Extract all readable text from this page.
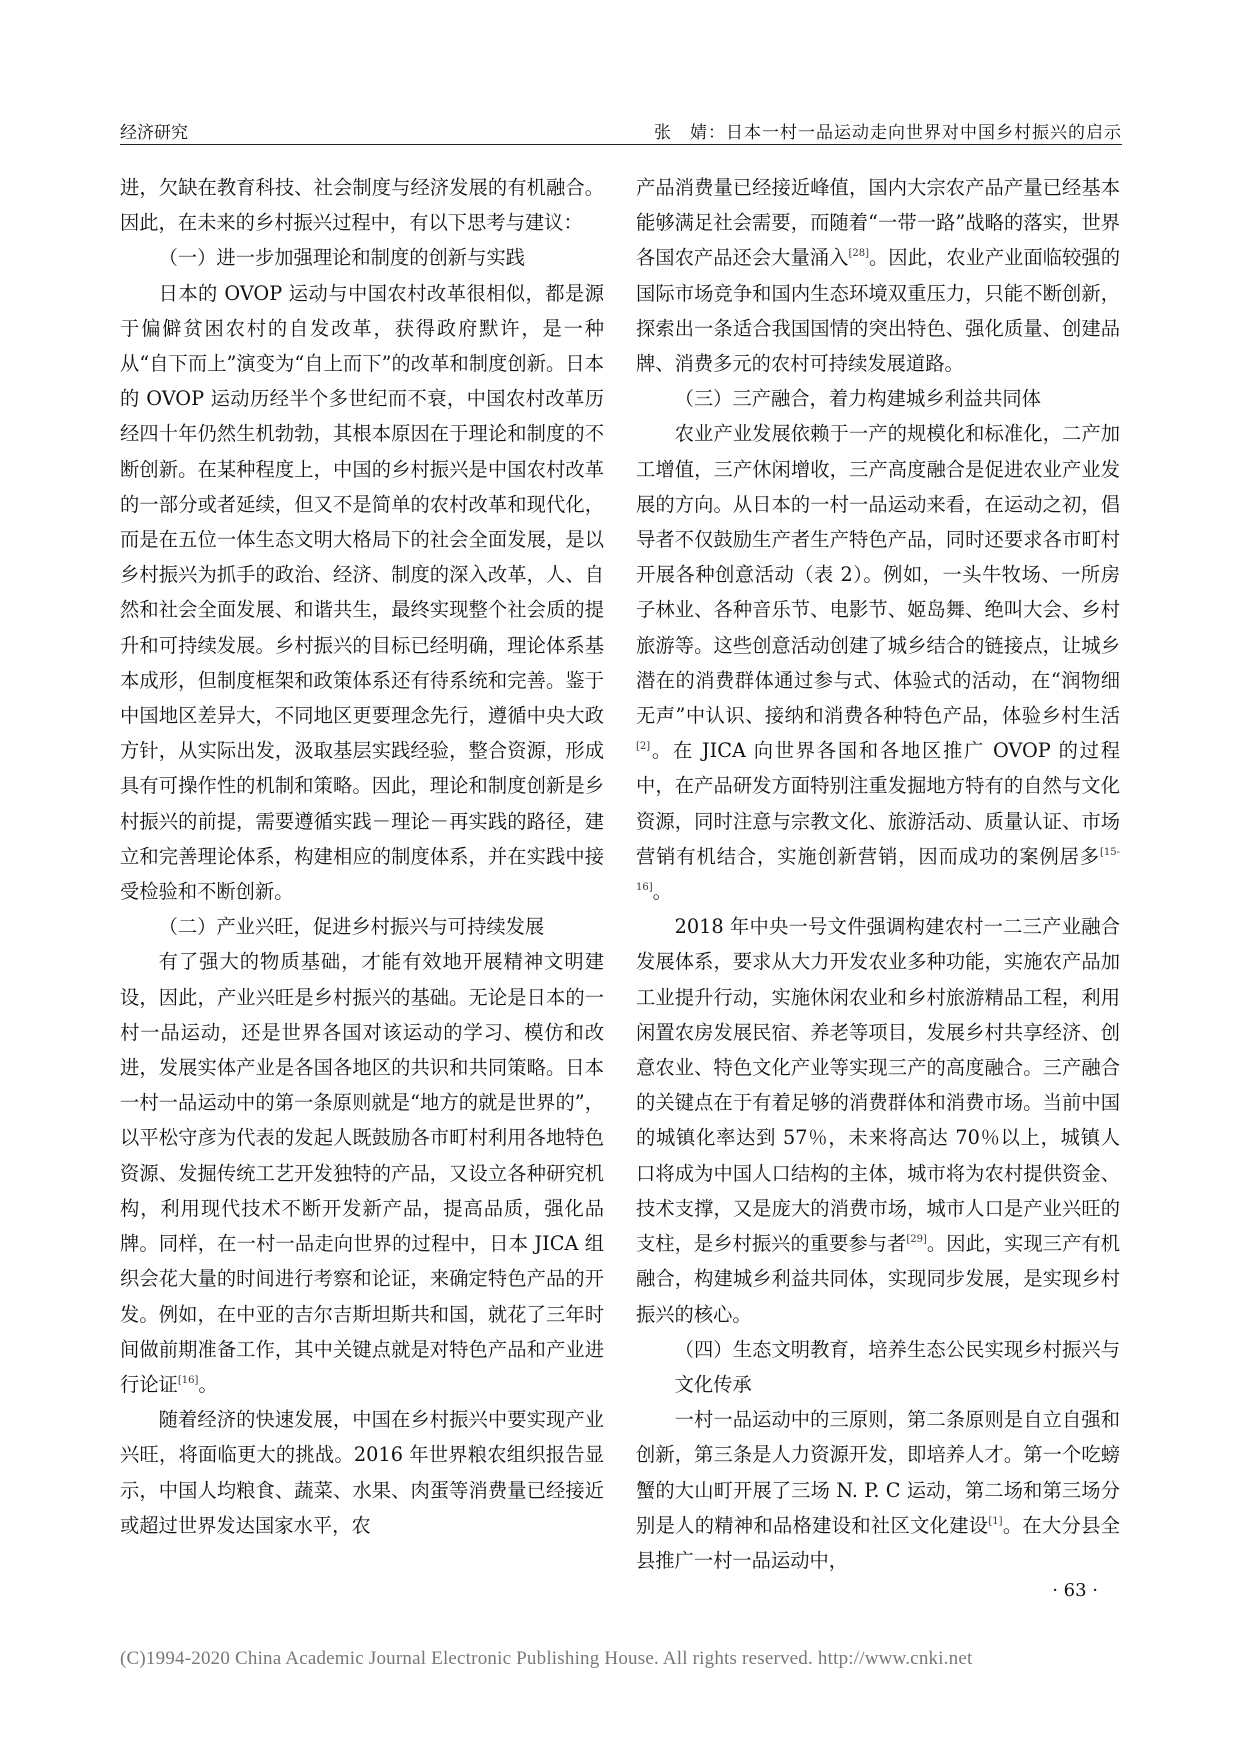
经济研究	张　婧：日本一村一品运动走向世界对中国乡村振兴的启示

进，欠缺在教育科技、社会制度与经济发展的有机融合。因此，在未来的乡村振兴过程中，有以下思考与建议：

（一）进一步加强理论和制度的创新与实践

日本的 OVOP 运动与中国农村改革很相似，都是源于偏僻贫困农村的自发改革，获得政府默许，是一种从“自下而上”演变为“自上而下”的改革和制度创新。日本的 OVOP 运动历经半个多世纪而不衰，中国农村改革历经四十年仍然生机勃勃，其根本原因在于理论和制度的不断创新。在某种程度上，中国的乡村振兴是中国农村改革的一部分或者延续，但又不是简单的农村改革和现代化，而是在五位一体生态文明大格局下的社会全面发展，是以乡村振兴为抓手的政治、经济、制度的深入改革，人、自然和社会全面发展、和谐共生，最终实现整个社会质的提升和可持续发展。乡村振兴的目标已经明确，理论体系基本成形，但制度框架和政策体系还有待系统和完善。鉴于中国地区差异大，不同地区更要理念先行，遵循中央大政方针，从实际出发，汲取基层实践经验，整合资源，形成具有可操作性的机制和策略。因此，理论和制度创新是乡村振兴的前提，需要遵循实践－理论－再实践的路径，建立和完善理论体系，构建相应的制度体系，并在实践中接受检验和不断创新。

（二）产业兴旺，促进乡村振兴与可持续发展

有了强大的物质基础，才能有效地开展精神文明建设，因此，产业兴旺是乡村振兴的基础。无论是日本的一村一品运动，还是世界各国对该运动的学习、模仿和改进，发展实体产业是各国各地区的共识和共同策略。日本一村一品运动中的第一条原则就是“地方的就是世界的”，以平松守彦为代表的发起人既鼓励各市町村利用各地特色资源、发掘传统工艺开发独特的产品，又设立各种研究机构，利用现代技术不断开发新产品，提高品质，强化品牌。同样，在一村一品走向世界的过程中，日本 JICA 组织会花大量的时间进行考察和论证，来确定特色产品的开发。例如，在中亚的吉尔吉斯坦斯共和国，就花了三年时间做前期准备工作，其中关键点就是对特色产品和产业进行论证[16]。

随着经济的快速发展，中国在乡村振兴中要实现产业兴旺，将面临更大的挑战。2016 年世界粮农组织报告显示，中国人均粮食、蔬菜、水果、肉蛋等消费量已经接近或超过世界发达国家水平，农

产品消费量已经接近峰值，国内大宗农产品产量已经基本能够满足社会需要，而随着“一带一路”战略的落实，世界各国农产品还会大量涌入[28]。因此，农业产业面临较强的国际市场竞争和国内生态环境双重压力，只能不断创新，探索出一条适合我国国情的突出特色、强化质量、创建品牌、消费多元的农村可持续发展道路。

（三）三产融合，着力构建城乡利益共同体

农业产业发展依赖于一产的规模化和标准化，二产加工增值，三产休闲增收，三产高度融合是促进农业产业发展的方向。从日本的一村一品运动来看，在运动之初，倡导者不仅鼓励生产者生产特色产品，同时还要求各市町村开展各种创意活动（表 2）。例如，一头牛牧场、一所房子林业、各种音乐节、电影节、姬岛舞、绝叫大会、乡村旅游等。这些创意活动创建了城乡结合的链接点，让城乡潜在的消费群体通过参与式、体验式的活动，在“润物细无声”中认识、接纳和消费各种特色产品，体验乡村生活[2]。在 JICA 向世界各国和各地区推广 OVOP 的过程中，在产品研发方面特别注重发掘地方特有的自然与文化资源，同时注意与宗教文化、旅游活动、质量认证、市场营销有机结合，实施创新营销，因而成功的案例居多[15-16]。

2018 年中央一号文件强调构建农村一二三产业融合发展体系，要求从大力开发农业多种功能，实施农产品加工业提升行动，实施休闲农业和乡村旅游精品工程，利用闲置农房发展民宿、养老等项目，发展乡村共享经济、创意农业、特色文化产业等实现三产的高度融合。三产融合的关键点在于有着足够的消费群体和消费市场。当前中国的城镇化率达到 57％，未来将高达 70％以上，城镇人口将成为中国人口结构的主体，城市将为农村提供资金、技术支撑，又是庞大的消费市场，城市人口是产业兴旺的支柱，是乡村振兴的重要参与者[29]。因此，实现三产有机融合，构建城乡利益共同体，实现同步发展，是实现乡村振兴的核心。

（四）生态文明教育，培养生态公民实现乡村振兴与文化传承

一村一品运动中的三原则，第二条原则是自立自强和创新，第三条是人力资源开发，即培养人才。第一个吃螃蟹的大山町开展了三场 N. P. C 运动，第二场和第三场分别是人的精神和品格建设和社区文化建设[1]。在大分县全县推广一村一品运动中，

· 63 ·
(C)1994-2020 China Academic Journal Electronic Publishing House. All rights reserved. http://www.cnki.net
